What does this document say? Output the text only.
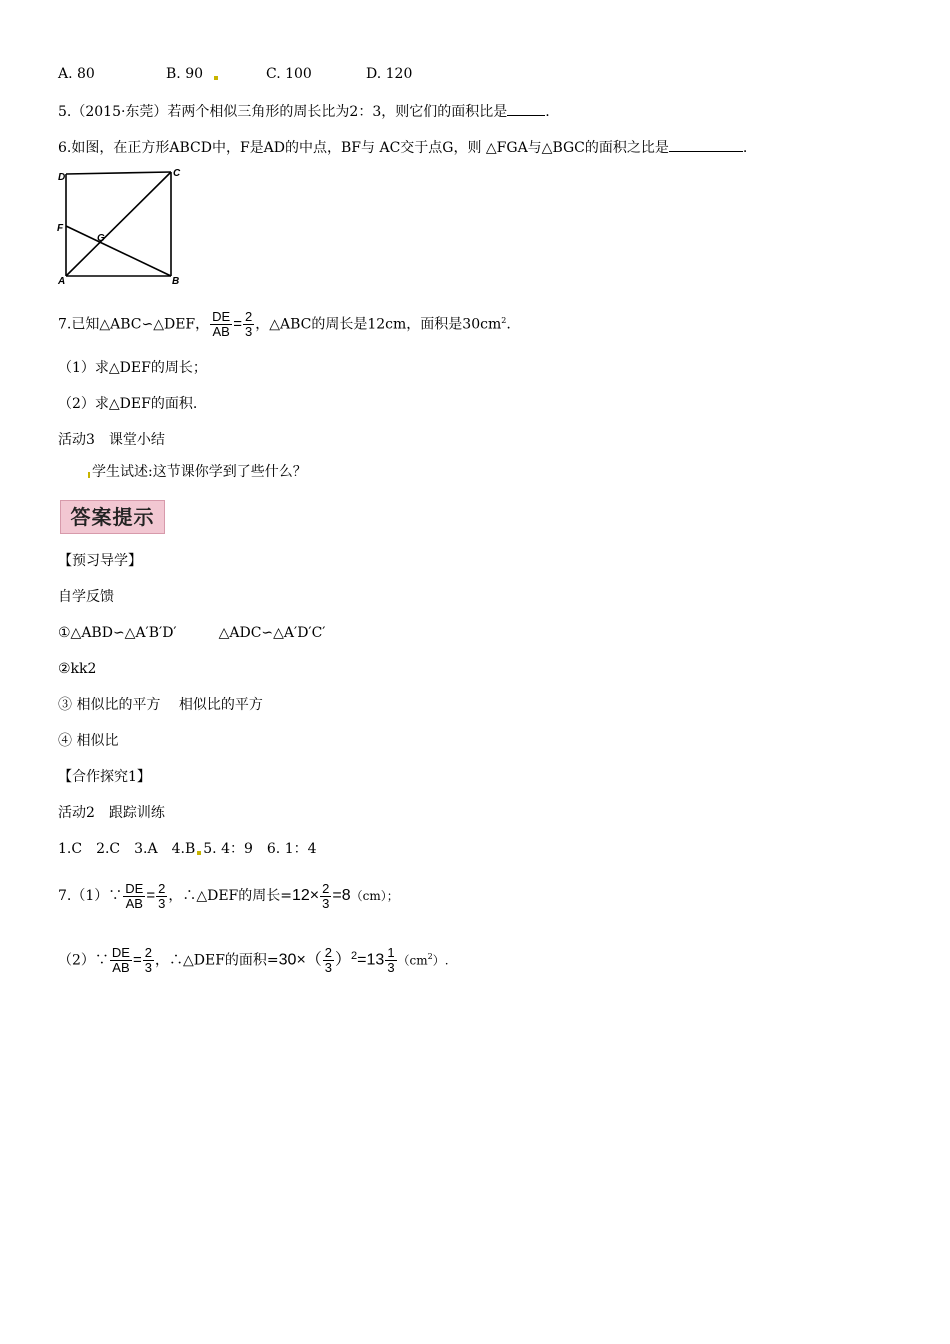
A. 80	B. 90	C. 100	D. 120
5.（2015·东莞）若两个相似三角形的周长比为2：3，则它们的面积比是	.
6.如图，在正方形ABCD中，F是AD的中点，BF与 AC交于点G，则 △FGA与△BGC的面积之比是	.
D	C
F
G
A	B
7.已知△ABC∽△DEF， $\frac{DE}{AB} = \frac{2}{3}$ ，△ABC的周长是12cm，面积是$30cm^2$.
（1）求△DEF的周长；
（2）求△DEF的面积.
活动3　课堂小结
学生试述:这节课你学到了些什么？
答案提示
【预习导学】
自学反馈
①△ABD∽△A′B′D′　　　△ADC∽△A′D′C′
②kk2
③ 相似比的平方　 相似比的平方
④ 相似比
【合作探究1】
活动2　跟踪训练
1.C　2.C　3.A　4.B 5. 4：9　6. 1：4
7.（1）∵ $\frac{DE}{AB} = \frac{2}{3}$ ，∴△DEF的周长$=12\times \frac{2}{3} =8(cm)$；
（2）∵ $\frac{DE}{AB} = \frac{2}{3}$ ，∴△DEF的面积$=30\times( \frac{2}{3} )^2=13 \frac{1}{3} (cm^2)$.
